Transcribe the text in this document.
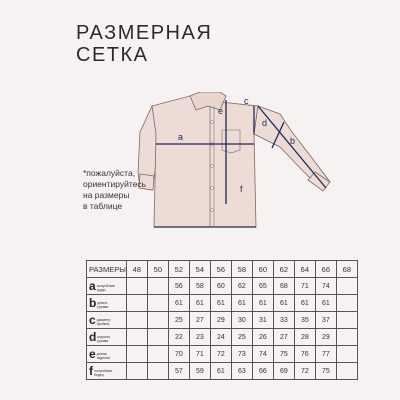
РАЗМЕРНАЯ
СЕТКА
a	b
c
d
e
f
*пожалуйста,
ориентируйтесь
на размеры
в таблице
РАЗМЕРЫ	48	50	52	54	56	58	60	62	64	66	68
aполуобхват груди			56	58	60	62	65	68	71	74	
bдлина рукава			61	61	61	61	61	61	61	61	
cдиаметр проймы			25	27	29	30	31	33	35	37	
dширина рукава			22	23	24	25	26	27	28	29	
eдлина изделия			70	71	72	73	74	75	76	77	
fполуобхват бедер			57	59	61	63	66	69	72	75	
